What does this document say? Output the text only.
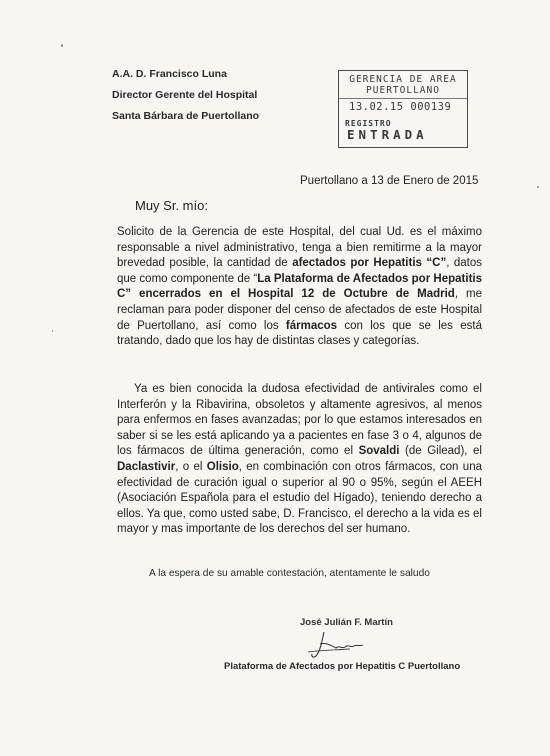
A.A. D. Francisco Luna
Director Gerente del Hospital
Santa Bárbara de Puertollano
GERENCIA DE AREA
PUERTOLLANO
13.02.15 000139
REGISTRO
ENTRADA
Puertollano a 13 de Enero de 2015
Muy Sr. mío:
Solicito de la Gerencia de este Hospital, del cual Ud. es el máximo responsable a nivel administrativo, tenga a bien remitirme a la mayor brevedad posible, la cantidad de afectados por Hepatitis “C”, datos que como componente de “La Plataforma de Afectados por Hepatitis C” encerrados en el Hospital 12 de Octubre de Madrid, me reclaman para poder disponer del censo de afectados de este Hospital de Puertollano, así como los fármacos con los que se les está tratando, dado que los hay de distintas clases y categorías.
Ya es bien conocida la dudosa efectividad de antivirales como el Interferón y la Ribavirina, obsoletos y altamente agresivos, al menos para enfermos en fases avanzadas; por lo que estamos interesados en saber si se les está aplicando ya a pacientes en fase 3 o 4, algunos de los fármacos de última generación, como el Sovaldi (de Gilead), el Daclastivir, o el Olisio, en combinación con otros fármacos, con una efectividad de curación igual o superior al 90 o 95%, según el AEEH (Asociación Española para el estudio del Hígado), teniendo derecho a ellos. Ya que, como usted sabe, D. Francisco, el derecho a la vida es el mayor y mas importante de los derechos del ser humano.
A la espera de su amable contestación, atentamente le saludo
José Julián F. Martín
Plataforma de Afectados por Hepatitis C Puertollano
